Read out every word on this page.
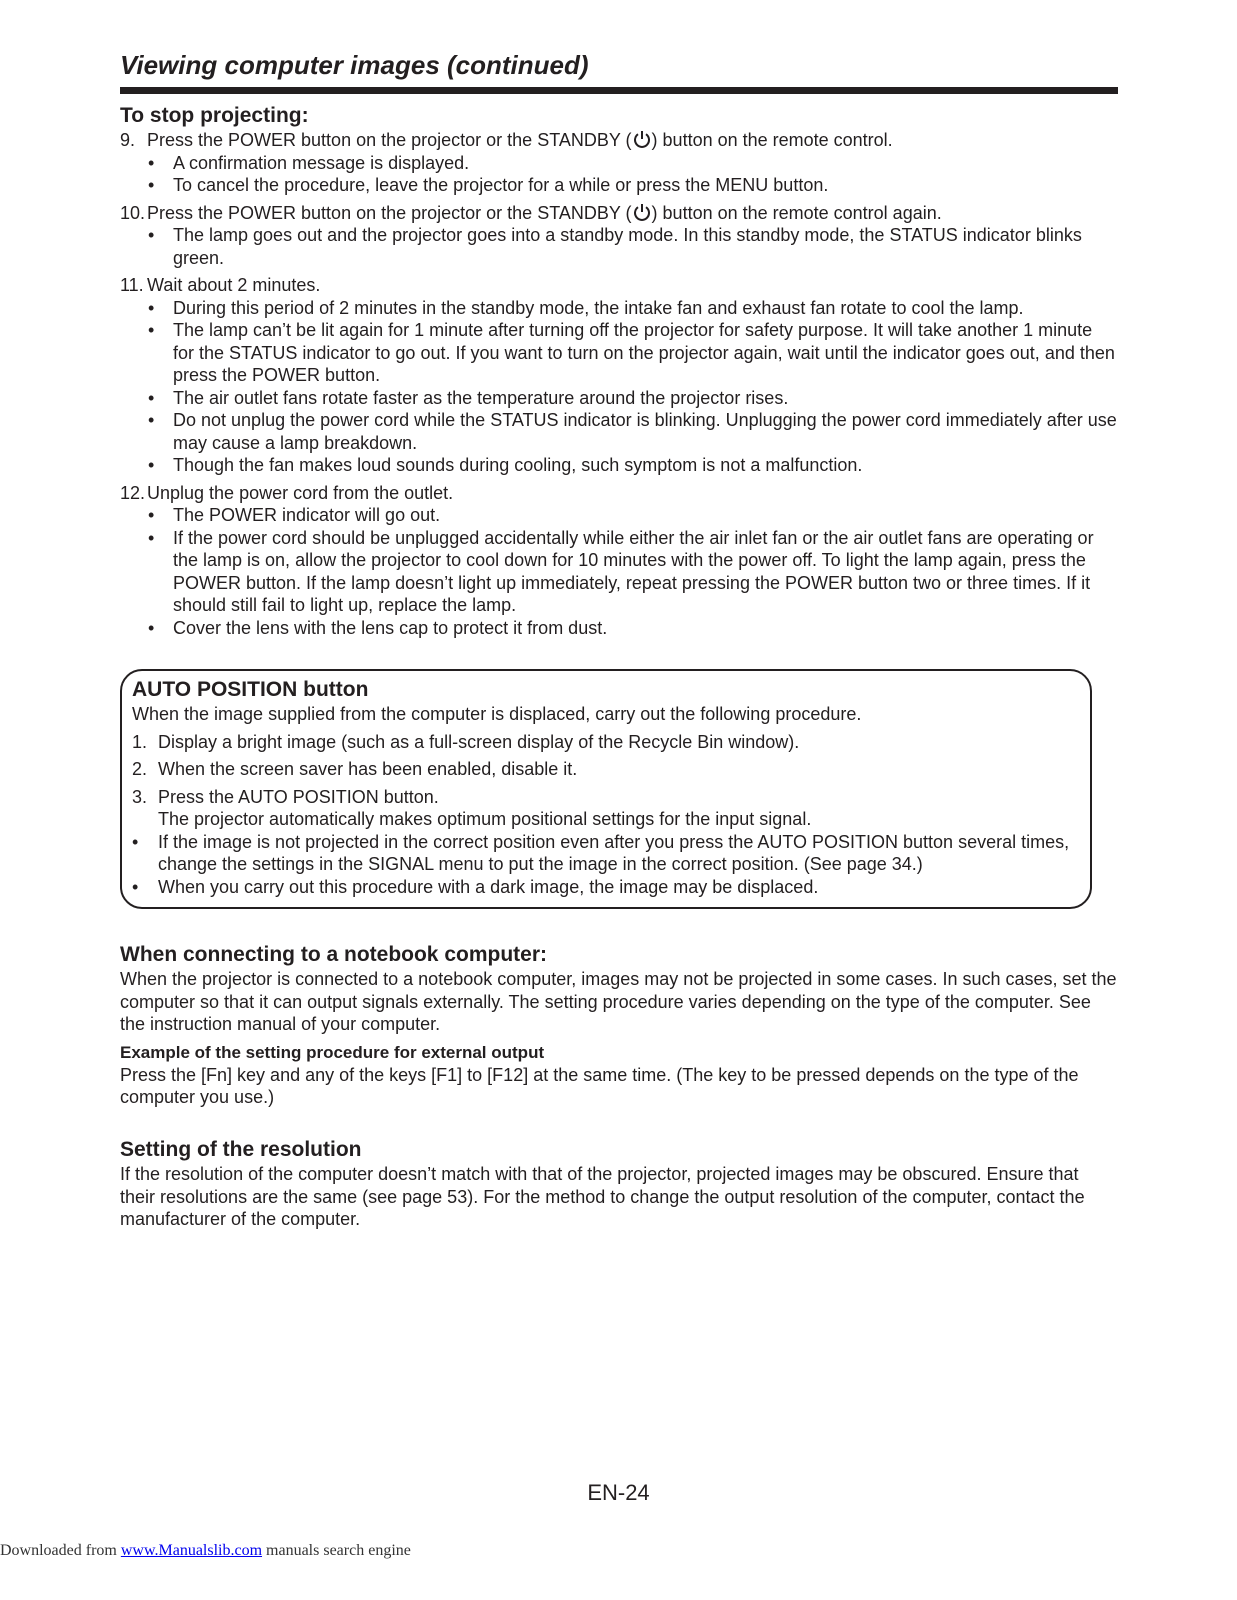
Viewing computer images (continued)
To stop projecting:
9. Press the POWER button on the projector or the STANDBY ( ) button on the remote control.
• A confirmation message is displayed.
• To cancel the procedure, leave the projector for a while or press the MENU button.
10. Press the POWER button on the projector or the STANDBY ( ) button on the remote control again.
• The lamp goes out and the projector goes into a standby mode. In this standby mode, the STATUS indicator blinks green.
11. Wait about 2 minutes.
• During this period of 2 minutes in the standby mode, the intake fan and exhaust fan rotate to cool the lamp.
• The lamp can’t be lit again for 1 minute after turning off the projector for safety purpose. It will take another 1 minute for the STATUS indicator to go out. If you want to turn on the projector again, wait until the indicator goes out, and then press the POWER button.
• The air outlet fans rotate faster as the temperature around the projector rises.
• Do not unplug the power cord while the STATUS indicator is blinking. Unplugging the power cord immediately after use may cause a lamp breakdown.
• Though the fan makes loud sounds during cooling, such symptom is not a malfunction.
12. Unplug the power cord from the outlet.
• The POWER indicator will go out.
• If the power cord should be unplugged accidentally while either the air inlet fan or the air outlet fans are operating or the lamp is on, allow the projector to cool down for 10 minutes with the power off. To light the lamp again, press the POWER button. If the lamp doesn’t light up immediately, repeat pressing the POWER button two or three times. If it should still fail to light up, replace the lamp.
• Cover the lens with the lens cap to protect it from dust.
AUTO POSITION button

When the image supplied from the computer is displaced, carry out the following procedure.

1. Display a bright image (such as a full-screen display of the Recycle Bin window).
2. When the screen saver has been enabled, disable it.
3. Press the AUTO POSITION button.
The projector automatically makes optimum positional settings for the input signal.
• If the image is not projected in the correct position even after you press the AUTO POSITION button several times, change the settings in the SIGNAL menu to put the image in the correct position. (See page 34.)
• When you carry out this procedure with a dark image, the image may be displaced.
When connecting to a notebook computer:

When the projector is connected to a notebook computer, images may not be projected in some cases. In such cases, set the computer so that it can output signals externally. The setting procedure varies depending on the type of the computer. See the instruction manual of your computer.

Example of the setting procedure for external output

Press the [Fn] key and any of the keys [F1] to [F12] at the same time. (The key to be pressed depends on the type of the computer you use.)

Setting of the resolution

If the resolution of the computer doesn’t match with that of the projector, projected images may be obscured. Ensure that their resolutions are the same (see page 53). For the method to change the output resolution of the computer, contact the manufacturer of the computer.

EN-24
Downloaded from www.Manualslib.com manuals search engine
